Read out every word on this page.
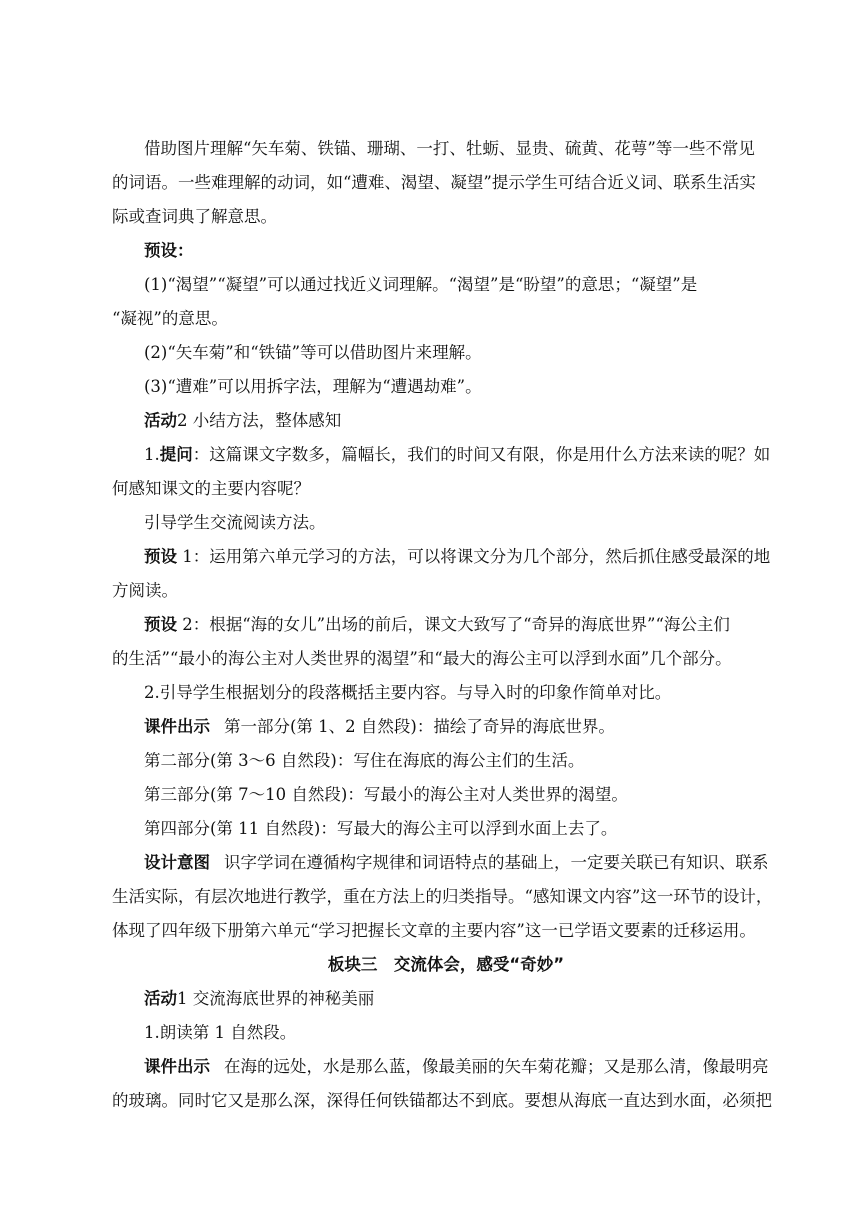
借助图片理解“矢车菊、铁锚、珊瑚、一打、牡蛎、显贵、硫黄、花萼”等一些不常见
的词语。一些难理解的动词，如“遭难、渴望、凝望”提示学生可结合近义词、联系生活实
际或查词典了解意思。
预设：
(1)“渴望”“凝望”可以通过找近义词理解。“渴望”是“盼望”的意思；“凝望”是
“凝视”的意思。
(2)“矢车菊”和“铁锚”等可以借助图片来理解。
(3)“遭难”可以用拆字法，理解为“遭遇劫难”。
活动2 小结方法，整体感知
1.提问：这篇课文字数多，篇幅长，我们的时间又有限，你是用什么方法来读的呢？如
何感知课文的主要内容呢？
引导学生交流阅读方法。
预设 1：运用第六单元学习的方法，可以将课文分为几个部分，然后抓住感受最深的地
方阅读。
预设 2：根据“海的女儿”出场的前后，课文大致写了“奇异的海底世界”“海公主们
的生活”“最小的海公主对人类世界的渴望”和“最大的海公主可以浮到水面”几个部分。
2.引导学生根据划分的段落概括主要内容。与导入时的印象作简单对比。
课件出示 第一部分(第 1、2 自然段)：描绘了奇异的海底世界。
第二部分(第 3～6 自然段)：写住在海底的海公主们的生活。
第三部分(第 7～10 自然段)：写最小的海公主对人类世界的渴望。
第四部分(第 11 自然段)：写最大的海公主可以浮到水面上去了。
设计意图 识字学词在遵循构字规律和词语特点的基础上，一定要关联已有知识、联系
生活实际，有层次地进行教学，重在方法上的归类指导。“感知课文内容”这一环节的设计，
体现了四年级下册第六单元“学习把握长文章的主要内容”这一已学语文要素的迁移运用。
板块三　交流体会，感受“奇妙”
活动1 交流海底世界的神秘美丽
1.朗读第 1 自然段。
课件出示 在海的远处，水是那么蓝，像最美丽的矢车菊花瓣；又是那么清，像最明亮
的玻璃。同时它又是那么深，深得任何铁锚都达不到底。要想从海底一直达到水面，必须把
